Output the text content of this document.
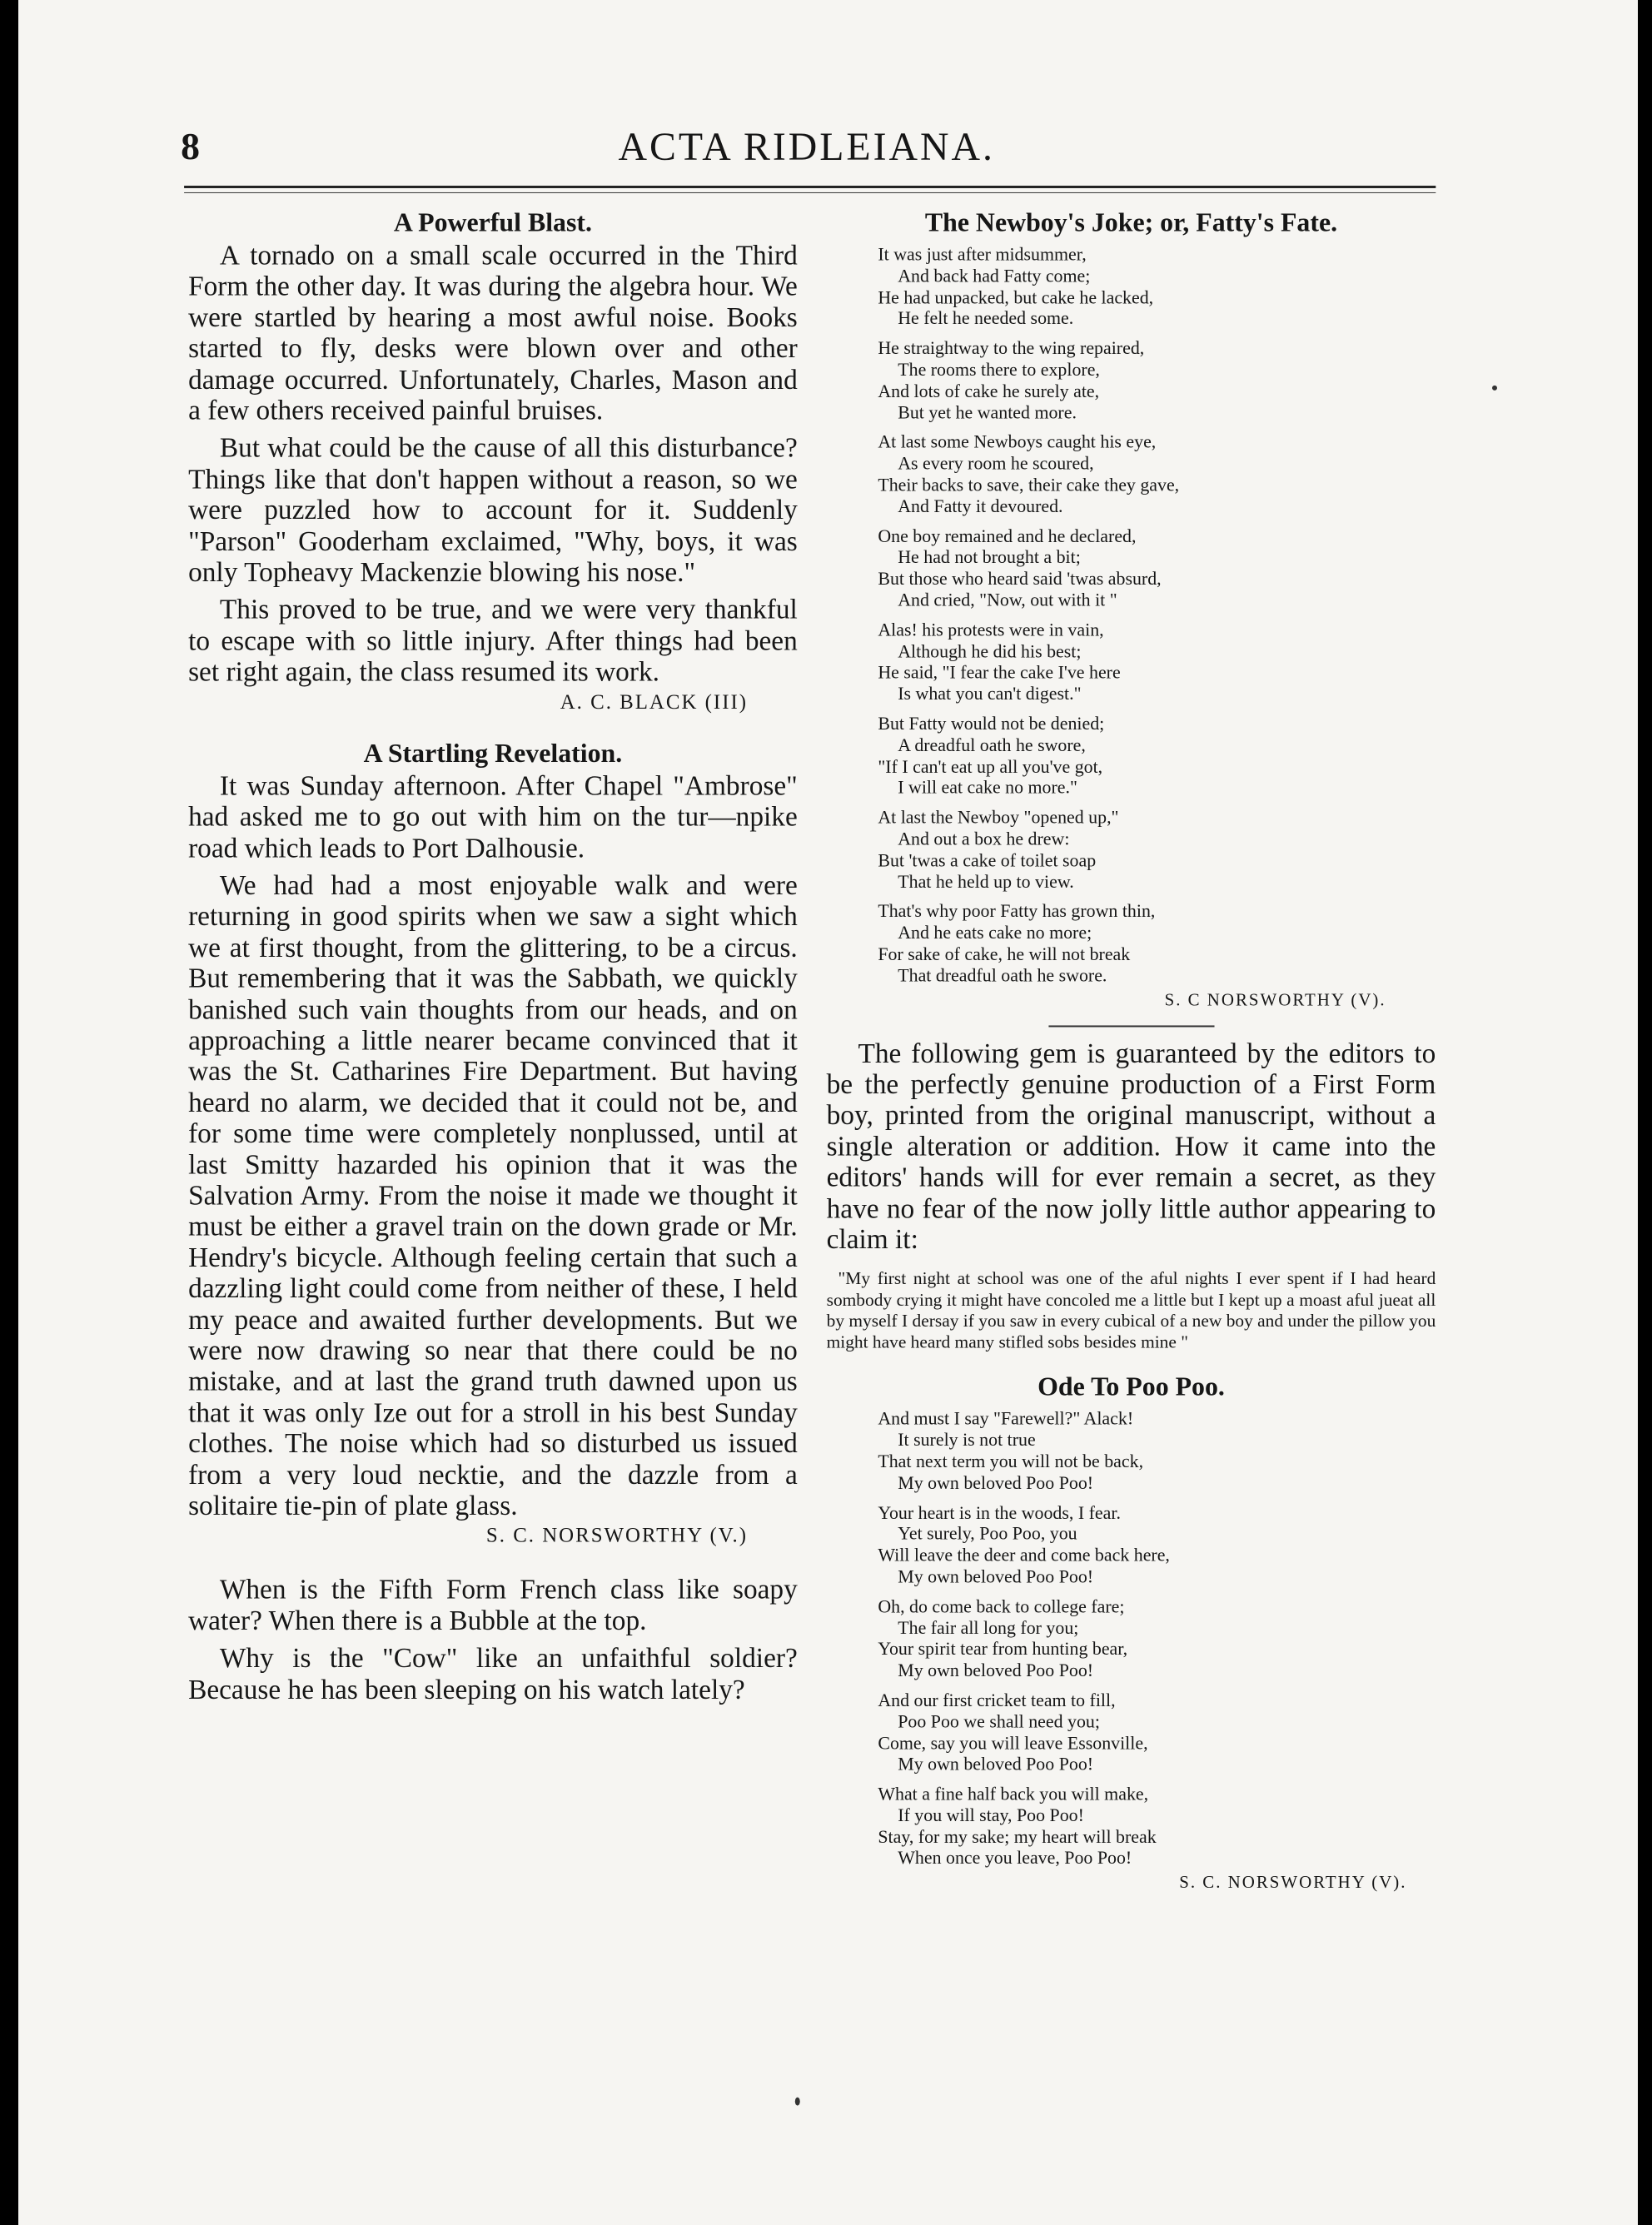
8	ACTA RIDLEIANA.
A Powerful Blast.

A tornado on a small scale occurred in the Third Form the other day. It was during the algebra hour. We were startled by hearing a most awful noise. Books started to fly, desks were blown over and other damage occurred. Unfortunately, Charles, Mason and a few others received painful bruises.

But what could be the cause of all this disturbance? Things like that don't happen without a reason, so we were puzzled how to account for it. Suddenly "Parson" Gooderham exclaimed, "Why, boys, it was only Topheavy Mackenzie blowing his nose."

This proved to be true, and we were very thankful to escape with so little injury. After things had been set right again, the class resumed its work.

A. C. BLACK (III)
A Startling Revelation.

It was Sunday afternoon. After Chapel "Ambrose" had asked me to go out with him on the tur—npike road which leads to Port Dalhousie.

We had had a most enjoyable walk and were returning in good spirits when we saw a sight which we at first thought, from the glittering, to be a circus. But remembering that it was the Sabbath, we quickly banished such vain thoughts from our heads, and on approaching a little nearer became convinced that it was the St. Catharines Fire Department. But having heard no alarm, we decided that it could not be, and for some time were completely nonplussed, until at last Smitty hazarded his opinion that it was the Salvation Army. From the noise it made we thought it must be either a gravel train on the down grade or Mr. Hendry's bicycle. Although feeling certain that such a dazzling light could come from neither of these, I held my peace and awaited further developments. But we were now drawing so near that there could be no mistake, and at last the grand truth dawned upon us that it was only Ize out for a stroll in his best Sunday clothes. The noise which had so disturbed us issued from a very loud necktie, and the dazzle from a solitaire tie-pin of plate glass.

S. C. NORSWORTHY (V.)

When is the Fifth Form French class like soapy water? When there is a Bubble at the top.

Why is the "Cow" like an unfaithful soldier? Because he has been sleeping on his watch lately?

The Newboy's Joke; or, Fatty's Fate.
It was just after midsummer,
And back had Fatty come;
He had unpacked, but cake he lacked,
He felt he needed some.
He straightway to the wing repaired,
The rooms there to explore,
And lots of cake he surely ate,
But yet he wanted more.
At last some Newboys caught his eye,
As every room he scoured,
Their backs to save, their cake they gave,
And Fatty it devoured.
One boy remained and he declared,
He had not brought a bit;
But those who heard said 'twas absurd,
And cried, "Now, out with it "
Alas! his protests were in vain,
Although he did his best;
He said, "I fear the cake I've here
Is what you can't digest."
But Fatty would not be denied;
A dreadful oath he swore,
"If I can't eat up all you've got,
I will eat cake no more."
At last the Newboy "opened up,"
And out a box he drew:
But 'twas a cake of toilet soap
That he held up to view.
That's why poor Fatty has grown thin,
And he eats cake no more;
For sake of cake, he will not break
That dreadful oath he swore.
S. C NORSWORTHY (V).

The following gem is guaranteed by the editors to be the perfectly genuine production of a First Form boy, printed from the original manuscript, without a single alteration or addition. How it came into the editors' hands will for ever remain a secret, as they have no fear of the now jolly little author appearing to claim it:

"My first night at school was one of the aful nights I ever spent if I had heard sombody crying it might have concoled me a little but I kept up a moast aful jueat all by myself I dersay if you saw in every cubical of a new boy and under the pillow you might have heard many stifled sobs besides mine "
Ode To Poo Poo.
And must I say "Farewell?" Alack!
It surely is not true
That next term you will not be back,
My own beloved Poo Poo!
Your heart is in the woods, I fear.
Yet surely, Poo Poo, you
Will leave the deer and come back here,
My own beloved Poo Poo!
Oh, do come back to college fare;
The fair all long for you;
Your spirit tear from hunting bear,
My own beloved Poo Poo!
And our first cricket team to fill,
Poo Poo we shall need you;
Come, say you will leave Essonville,
My own beloved Poo Poo!
What a fine half back you will make,
If you will stay, Poo Poo!
Stay, for my sake; my heart will break
When once you leave, Poo Poo!
S. C. NORSWORTHY (V).
